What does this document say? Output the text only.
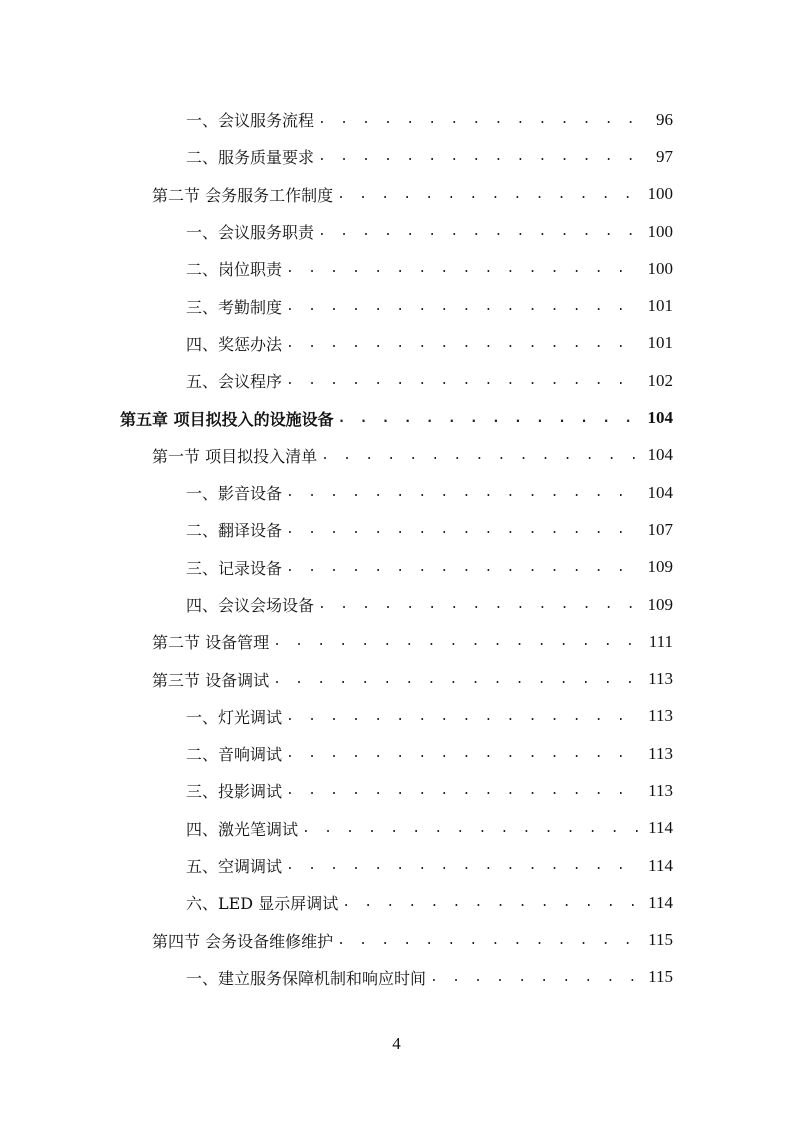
一、会议服务流程 . . .	96
二、服务质量要求 . . .	97
第二节 会务服务工作制度 . . .	100
一、会议服务职责 . . .	100
二、岗位职责 . . .	100
三、考勤制度 . . .	101
四、奖惩办法 . . .	101
五、会议程序 . . .	102
第五章 项目拟投入的设施设备 . . .	104
第一节 项目拟投入清单 . . .	104
一、影音设备 . . .	104
二、翻译设备 . . .	107
三、记录设备 . . .	109
四、会议会场设备 . . .	109
第二节 设备管理 . . .	111
第三节 设备调试 . . .	113
一、灯光调试 . . .	113
二、音响调试 . . .	113
三、投影调试 . . .	113
四、激光笔调试 . . .	114
五、空调调试 . . .	114
六、LED 显示屏调试 . . .	114
第四节 会务设备维修维护 . . .	115
一、建立服务保障机制和响应时间 . . .	115
4
